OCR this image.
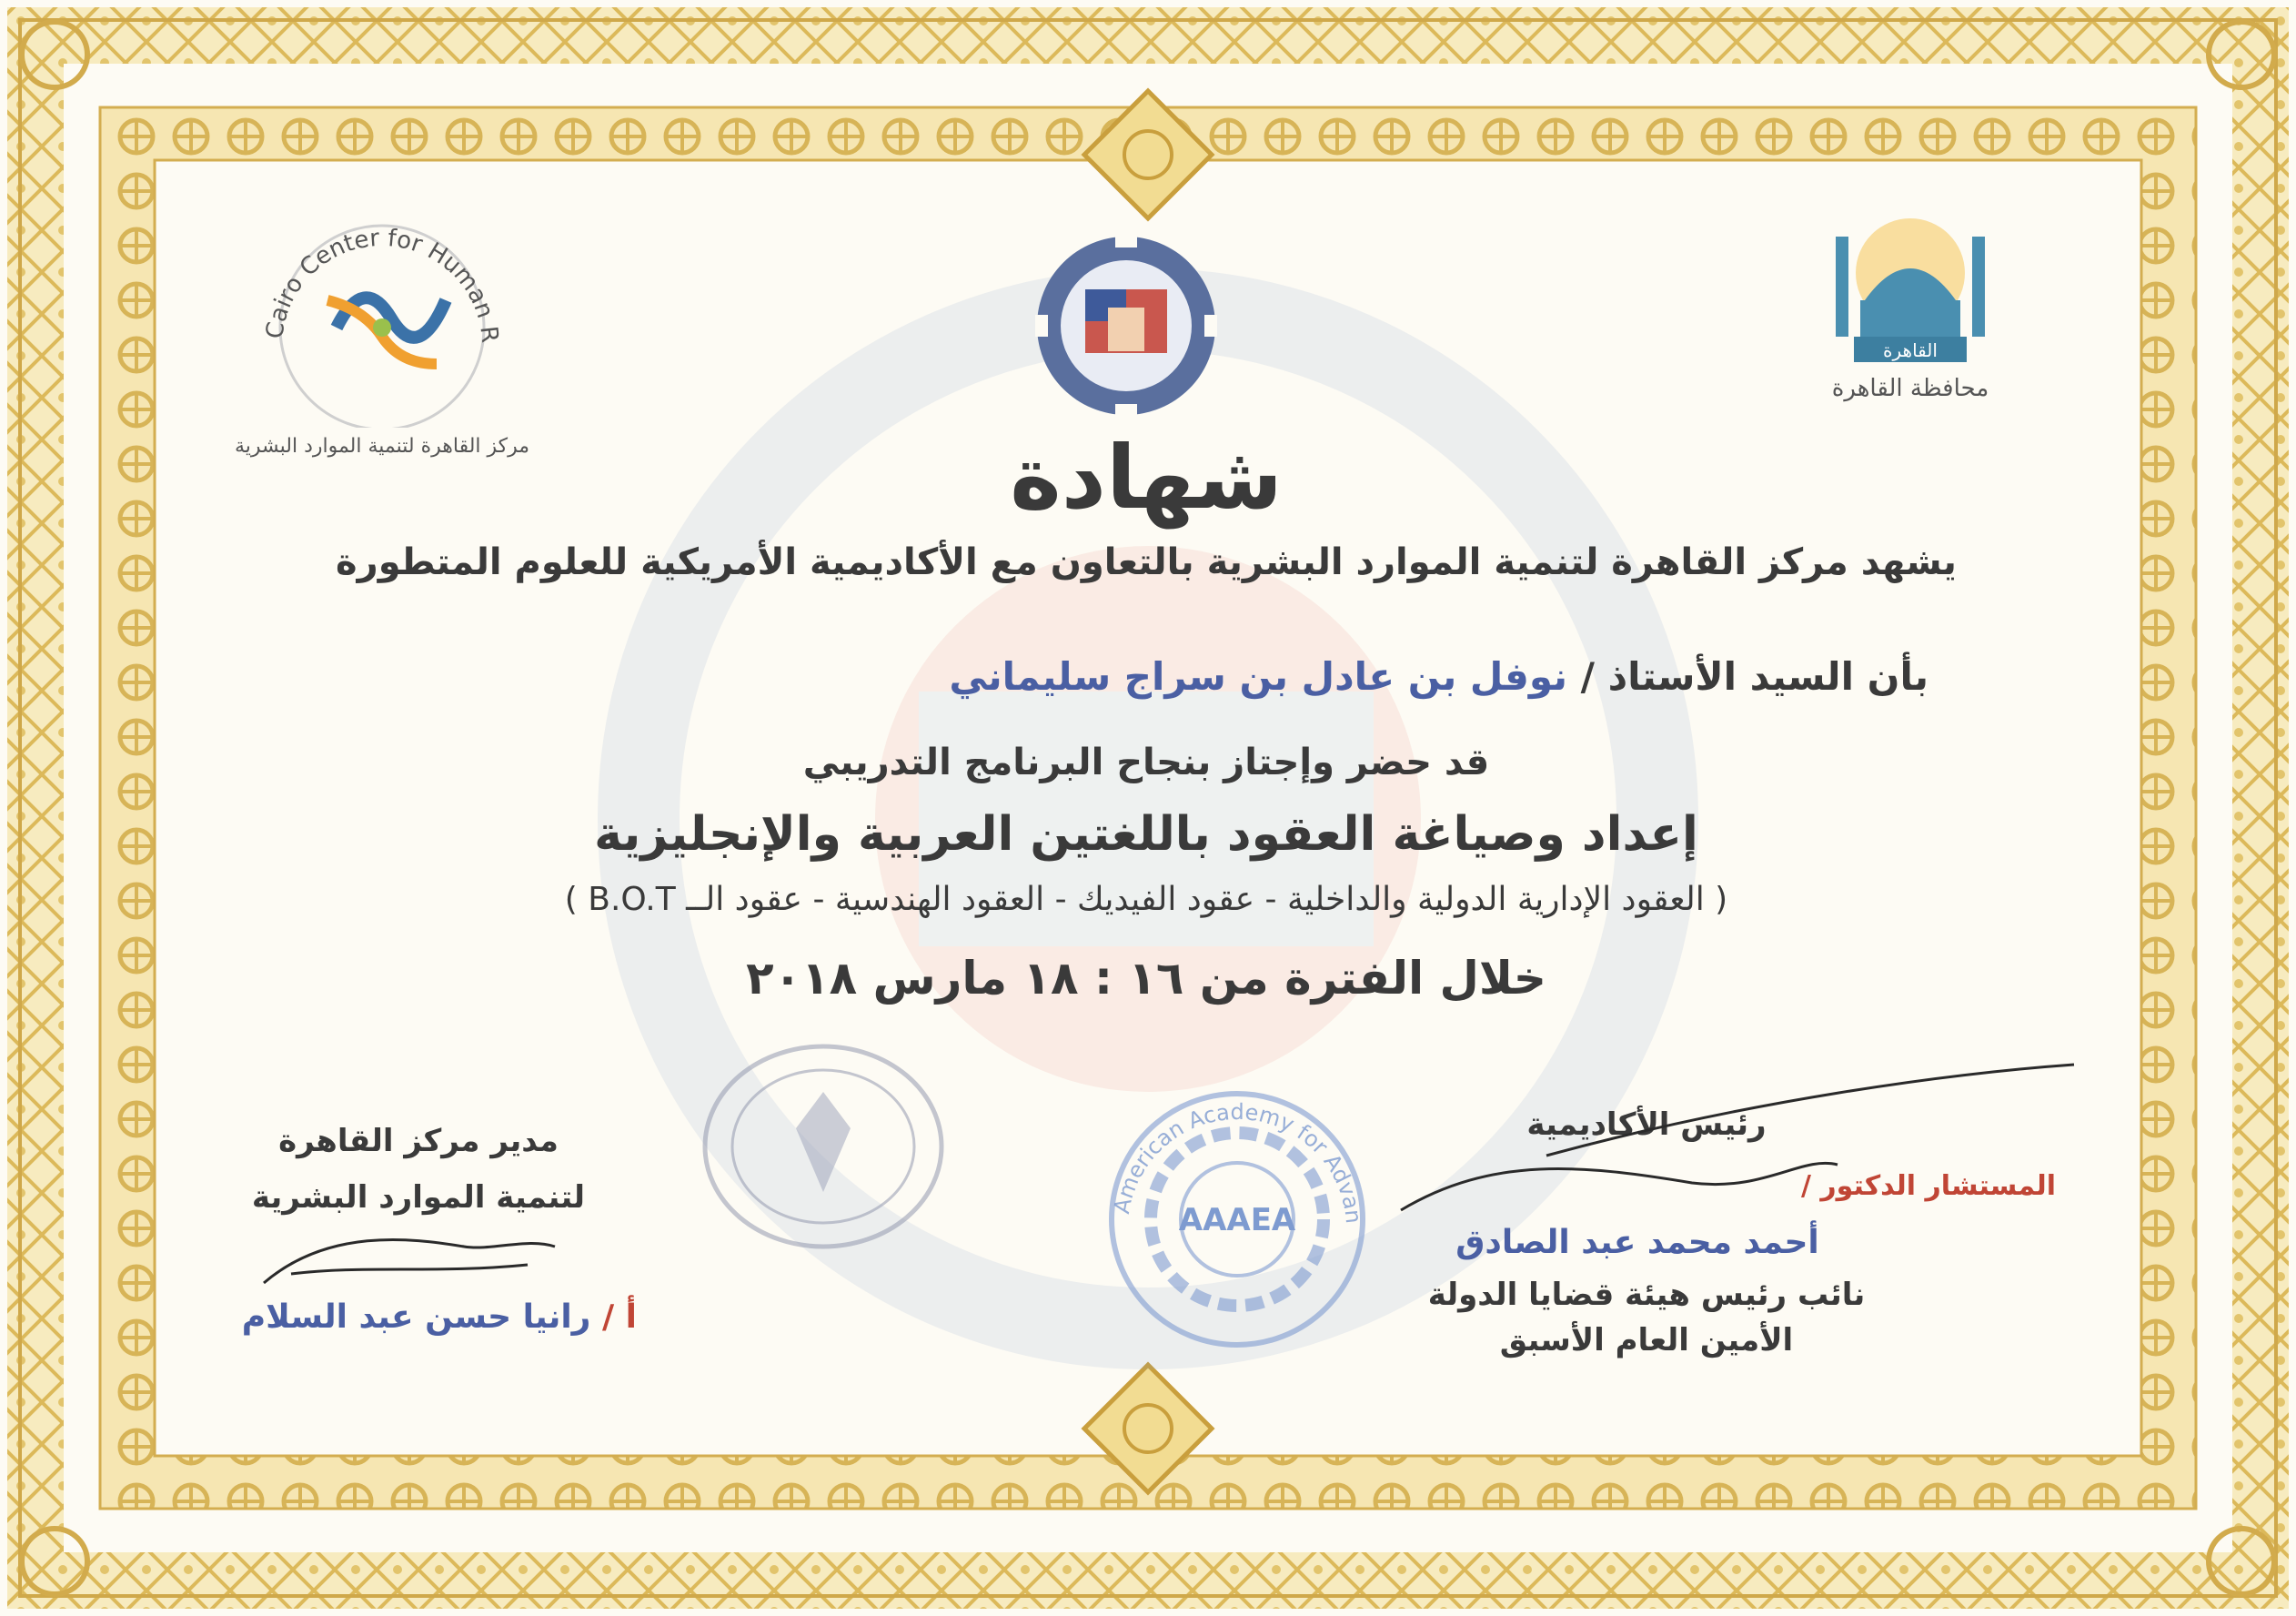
Cairo Center for Human R
مركز القاهرة لتنمية الموارد البشرية
القاهرة
محافظة القاهرة
شهادة
يشهد مركز القاهرة لتنمية الموارد البشرية بالتعاون مع الأكاديمية الأمريكية للعلوم المتطورة
بأن السيد الأستاذ / نوفل بن عادل بن سراج سليماني
قد حضر وإجتاز بنجاح البرنامج التدريبي
إعداد وصياغة العقود باللغتين العربية والإنجليزية
( العقود الإدارية الدولية والداخلية - عقود الفيديك - العقود الهندسية - عقود الــ B.O.T )
خلال الفترة من ١٦ : ١٨ مارس ٢٠١٨
American Academy for Advan
AAAEA
مدير مركز القاهرة
لتنمية الموارد البشرية
أ / رانيا حسن عبد السلام
رئيس الأكاديمية
المستشار الدكتور /
أحمد محمد عبد الصادق
نائب رئيس هيئة قضايا الدولة
الأمين العام الأسبق
